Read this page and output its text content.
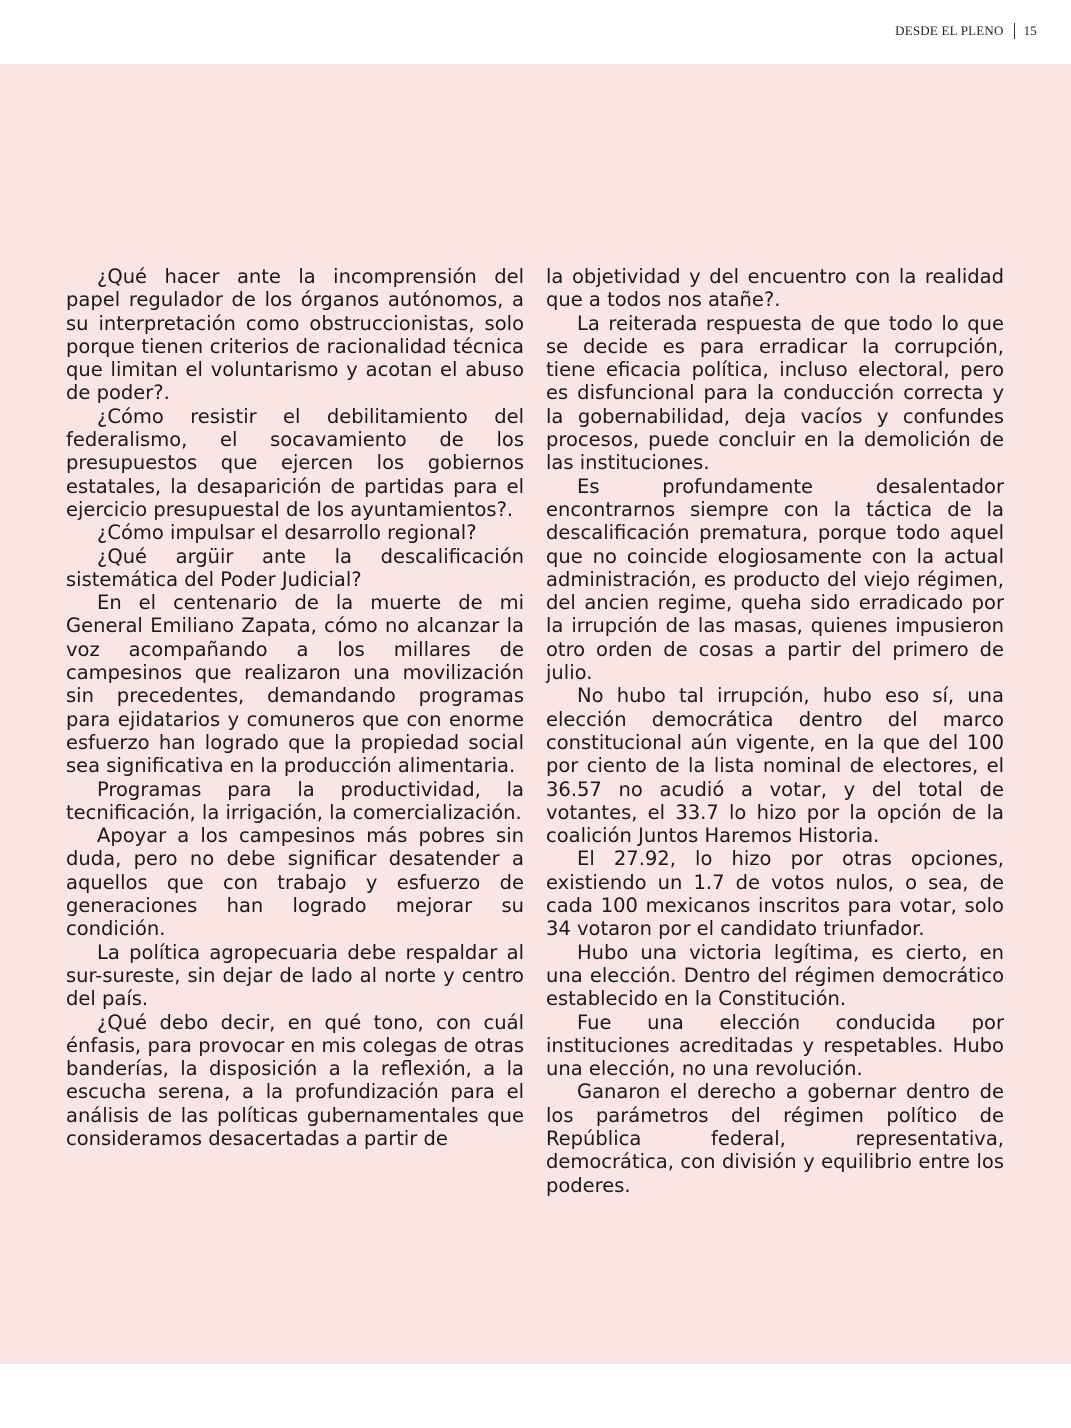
DESDE EL PLENO 15

¿Qué hacer ante la incomprensión del papel regulador de los órganos autónomos, a su interpretación como obstruccionistas, solo porque tienen criterios de racionalidad técnica que limitan el voluntarismo y acotan el abuso de poder?.

¿Cómo resistir el debilitamiento del federalismo, el socavamiento de los presupuestos que ejercen los gobiernos estatales, la desaparición de partidas para el ejercicio presupuestal de los ayuntamientos?.

¿Cómo impulsar el desarrollo regional?

¿Qué argüir ante la descalificación sistemática del Poder Judicial?

En el centenario de la muerte de mi General Emiliano Zapata, cómo no alcanzar la voz acompañando a los millares de campesinos que realizaron una movilización sin precedentes, demandando programas para ejidatarios y comuneros que con enorme esfuerzo han logrado que la propiedad social sea significativa en la producción alimentaria.

Programas para la productividad, la tecnificación, la irrigación, la comercialización.

Apoyar a los campesinos más pobres sin duda, pero no debe significar desatender a aquellos que con trabajo y esfuerzo de generaciones han logrado mejorar su condición.

La política agropecuaria debe respaldar al sur-sureste, sin dejar de lado al norte y centro del país.

¿Qué debo decir, en qué tono, con cuál énfasis, para provocar en mis colegas de otras banderías, la disposición a la reflexión, a la escucha serena, a la profundización para el análisis de las políticas gubernamentales que consideramos desacertadas a partir de

la objetividad y del encuentro con la realidad que a todos nos atañe?.

La reiterada respuesta de que todo lo que se decide es para erradicar la corrupción, tiene eficacia política, incluso electoral, pero es disfuncional para la conducción correcta y la gobernabilidad, deja vacíos y confundes procesos, puede concluir en la demolición de las instituciones.

Es profundamente desalentador encontrarnos siempre con la táctica de la descalificación prematura, porque todo aquel que no coincide elogiosamente con la actual administración, es producto del viejo régimen, del ancien regime, queha sido erradicado por la irrupción de las masas, quienes impusieron otro orden de cosas a partir del primero de julio.

No hubo tal irrupción, hubo eso sí, una elección democrática dentro del marco constitucional aún vigente, en la que del 100 por ciento de la lista nominal de electores, el 36.57 no acudió a votar, y del total de votantes, el 33.7 lo hizo por la opción de la coalición Juntos Haremos Historia.

El 27.92, lo hizo por otras opciones, existiendo un 1.7 de votos nulos, o sea, de cada 100 mexicanos inscritos para votar, solo 34 votaron por el candidato triunfador.

Hubo una victoria legítima, es cierto, en una elección. Dentro del régimen democrático establecido en la Constitución.

Fue una elección conducida por instituciones acreditadas y respetables. Hubo una elección, no una revolución.

Ganaron el derecho a gobernar dentro de los parámetros del régimen político de República federal, representativa, democrática, con división y equilibrio entre los poderes.
